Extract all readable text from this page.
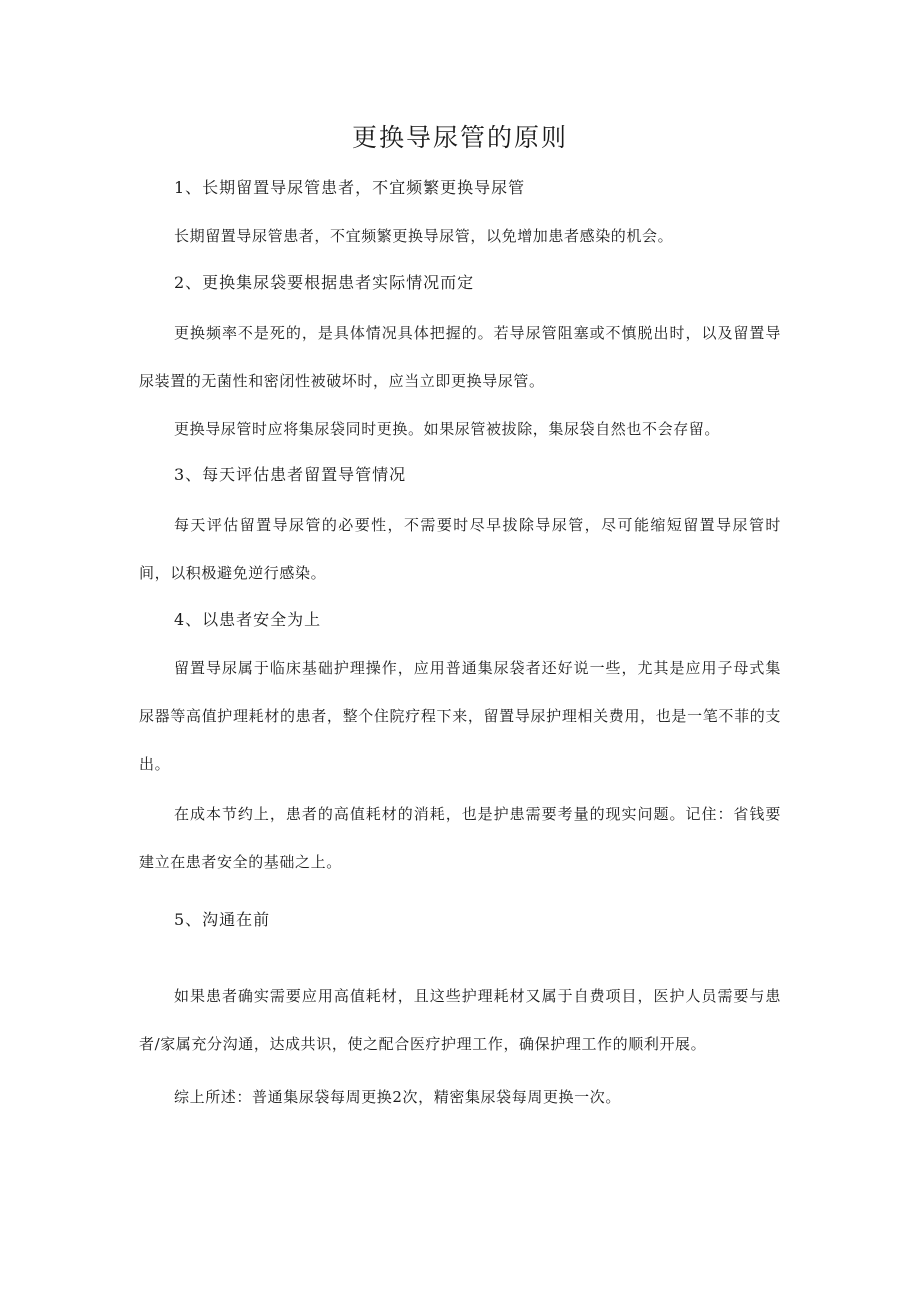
更换导尿管的原则
1、长期留置导尿管患者，不宜频繁更换导尿管
长期留置导尿管患者，不宜频繁更换导尿管，以免增加患者感染的机会。
2、更换集尿袋要根据患者实际情况而定
更换频率不是死的，是具体情况具体把握的。若导尿管阻塞或不慎脱出时，以及留置导尿装置的无菌性和密闭性被破坏时，应当立即更换导尿管。
更换导尿管时应将集尿袋同时更换。如果尿管被拔除，集尿袋自然也不会存留。
3、每天评估患者留置导管情况
每天评估留置导尿管的必要性，不需要时尽早拔除导尿管，尽可能缩短留置导尿管时间，以积极避免逆行感染。
4、以患者安全为上
留置导尿属于临床基础护理操作，应用普通集尿袋者还好说一些，尤其是应用子母式集尿器等高值护理耗材的患者，整个住院疗程下来，留置导尿护理相关费用，也是一笔不菲的支出。
在成本节约上，患者的高值耗材的消耗，也是护患需要考量的现实问题。记住：省钱要建立在患者安全的基础之上。
5、沟通在前
如果患者确实需要应用高值耗材，且这些护理耗材又属于自费项目，医护人员需要与患者/家属充分沟通，达成共识，使之配合医疗护理工作，确保护理工作的顺利开展。
综上所述：普通集尿袋每周更换2次，精密集尿袋每周更换一次。
